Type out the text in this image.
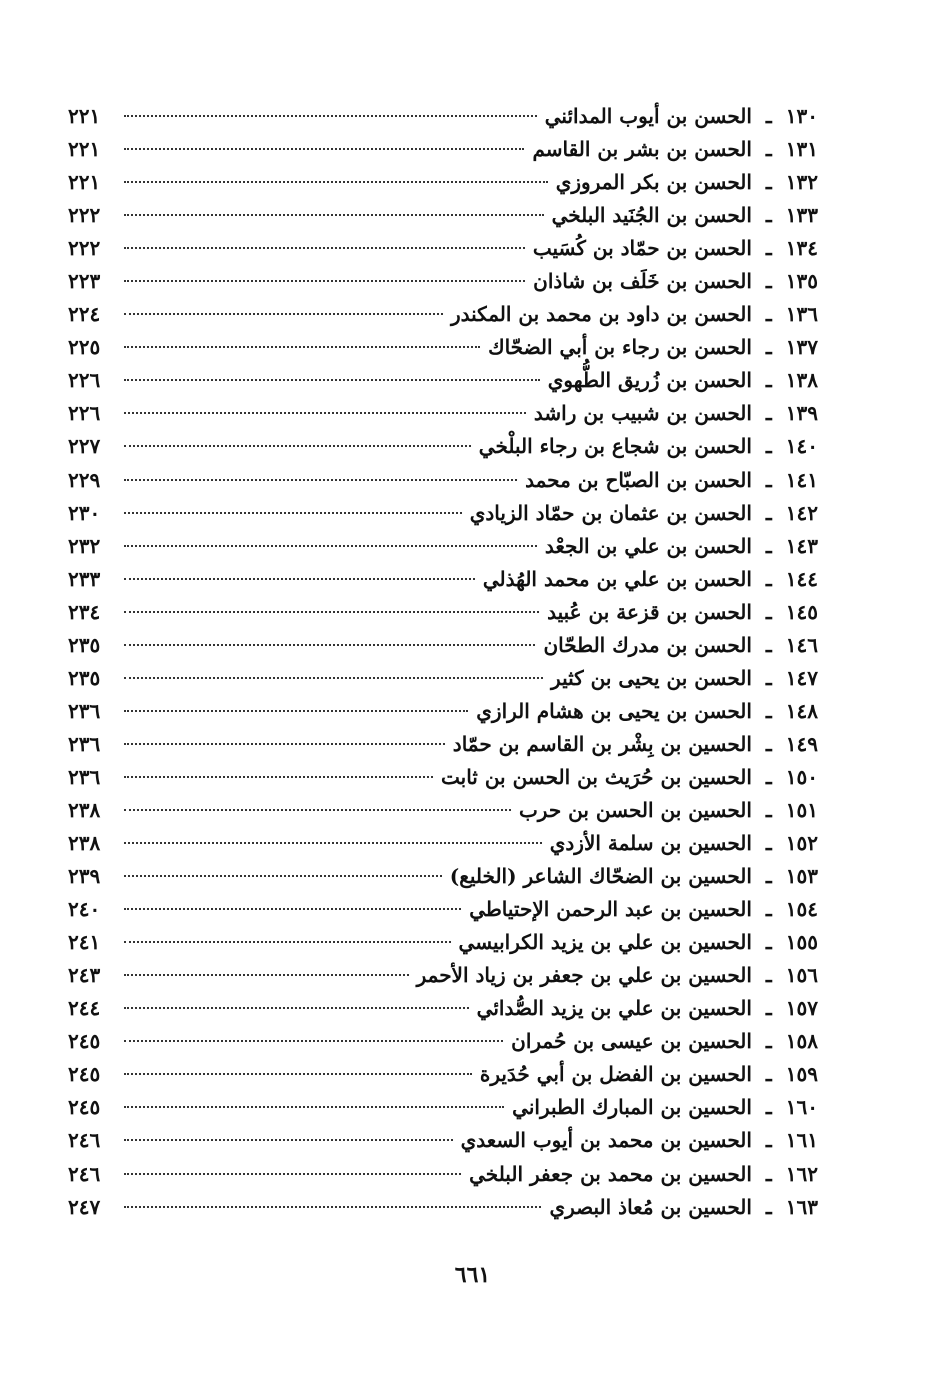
١٣٠
ـ
الحسن بن أيوب المدائني
٢٢١
١٣١
ـ
الحسن بن بشر بن القاسم
٢٢١
١٣٢
ـ
الحسن بن بكر المروزي
٢٢١
١٣٣
ـ
الحسن بن الجُنَيد البلخي
٢٢٢
١٣٤
ـ
الحسن بن حمّاد بن كُسَيب
٢٢٢
١٣٥
ـ
الحسن بن خَلَف بن شاذان
٢٢٣
١٣٦
ـ
الحسن بن داود بن محمد بن المكندر
٢٢٤
١٣٧
ـ
الحسن بن رجاء بن أبي الضحّاك
٢٢٥
١٣٨
ـ
الحسن بن زُريق الطُّهوي
٢٢٦
١٣٩
ـ
الحسن بن شبيب بن راشد
٢٢٦
١٤٠
ـ
الحسن بن شجاع بن رجاء البلْخي
٢٢٧
١٤١
ـ
الحسن بن الصبّاح بن محمد
٢٢٩
١٤٢
ـ
الحسن بن عثمان بن حمّاد الزيادي
٢٣٠
١٤٣
ـ
الحسن بن علي بن الجعْد
٢٣٢
١٤٤
ـ
الحسن بن علي بن محمد الهُذلي
٢٣٣
١٤٥
ـ
الحسن بن قزعة بن عُبيد
٢٣٤
١٤٦
ـ
الحسن بن مدرك الطحّان
٢٣٥
١٤٧
ـ
الحسن بن يحيى بن كثير
٢٣٥
١٤٨
ـ
الحسن بن يحيى بن هشام الرازي
٢٣٦
١٤٩
ـ
الحسين بن بِشْر بن القاسم بن حمّاد
٢٣٦
١٥٠
ـ
الحسين بن حُرَيث بن الحسن بن ثابت
٢٣٦
١٥١
ـ
الحسين بن الحسن بن حرب
٢٣٨
١٥٢
ـ
الحسين بن سلمة الأزدي
٢٣٨
١٥٣
ـ
الحسين بن الضحّاك الشاعر (الخليع)
٢٣٩
١٥٤
ـ
الحسين بن عبد الرحمن الإحتياطي
٢٤٠
١٥٥
ـ
الحسين بن علي بن يزيد الكرابيسي
٢٤١
١٥٦
ـ
الحسين بن علي بن جعفر بن زياد الأحمر
٢٤٣
١٥٧
ـ
الحسين بن علي بن يزيد الصُّدائي
٢٤٤
١٥٨
ـ
الحسين بن عيسى بن حُمران
٢٤٥
١٥٩
ـ
الحسين بن الفضل بن أبي حُدَيرة
٢٤٥
١٦٠
ـ
الحسين بن المبارك الطبراني
٢٤٥
١٦١
ـ
الحسين بن محمد بن أيوب السعدي
٢٤٦
١٦٢
ـ
الحسين بن محمد بن جعفر البلخي
٢٤٦
١٦٣
ـ
الحسين بن مُعاذ البصري
٢٤٧
٦٦١
